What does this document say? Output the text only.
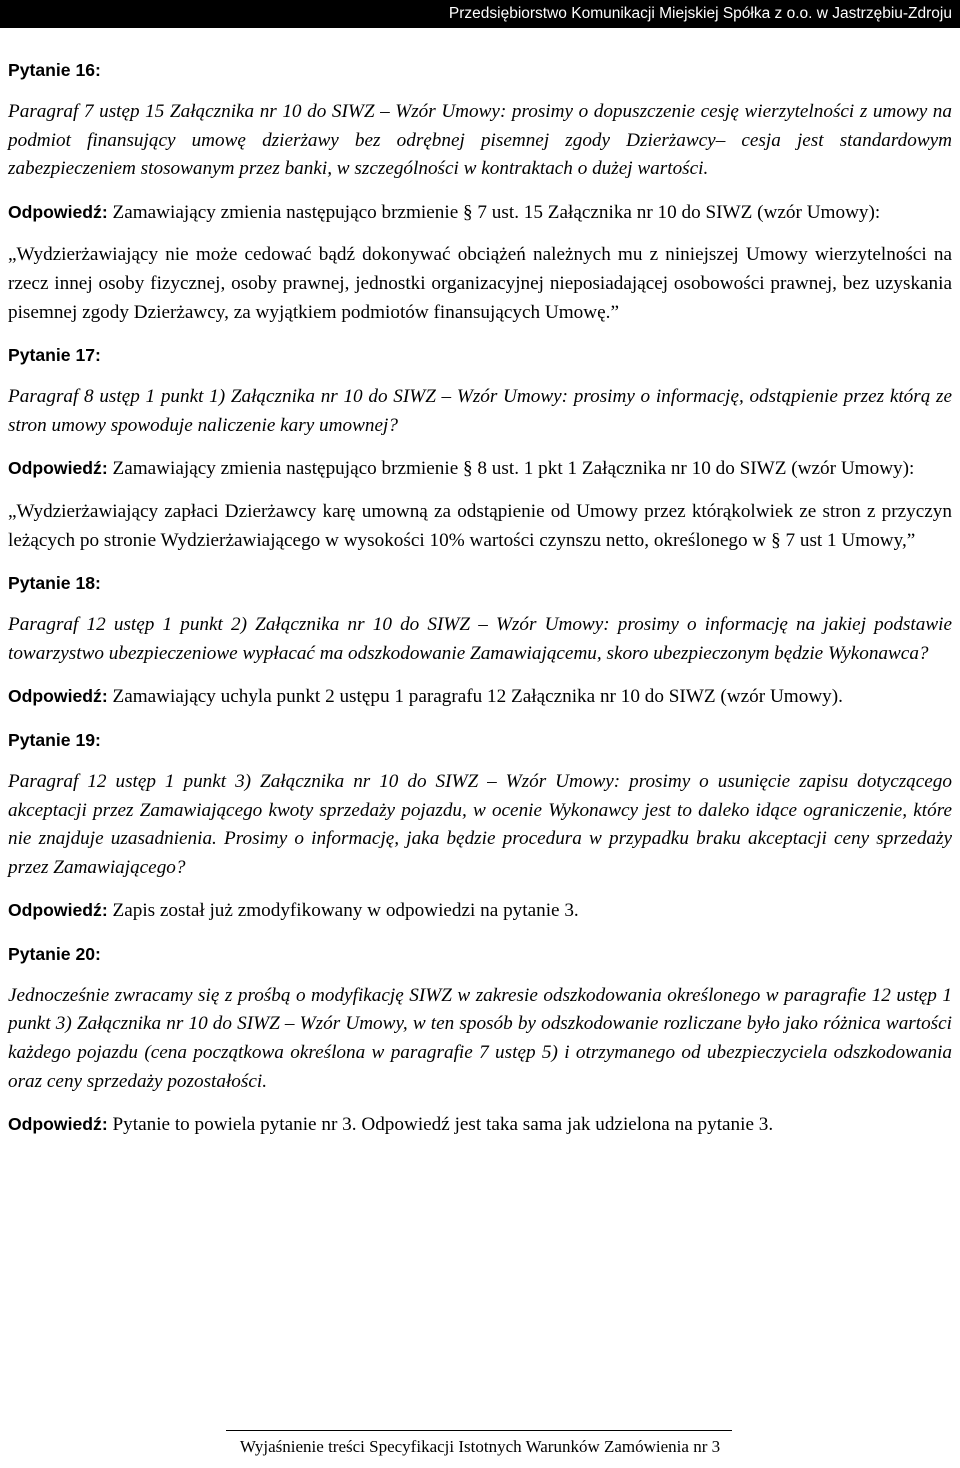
Przedsiębiorstwo Komunikacji Miejskiej Spółka z o.o. w Jastrzębiu-Zdroju
Pytanie 16:
Paragraf 7 ustęp 15 Załącznika nr 10 do SIWZ – Wzór Umowy: prosimy o dopuszczenie cesję wierzytelności z umowy na podmiot finansujący umowę dzierżawy bez odrębnej pisemnej zgody Dzierżawcy– cesja jest standardowym zabezpieczeniem stosowanym przez banki, w szczególności w kontraktach o dużej wartości.
Odpowiedź: Zamawiający zmienia następująco brzmienie § 7 ust. 15 Załącznika nr 10 do SIWZ (wzór Umowy):
„Wydzierżawiający nie może cedować bądź dokonywać obciążeń należnych mu z niniejszej Umowy wierzytelności na rzecz innej osoby fizycznej, osoby prawnej, jednostki organizacyjnej nieposiadającej osobowości prawnej, bez uzyskania pisemnej zgody Dzierżawcy, za wyjątkiem podmiotów finansujących Umowę.”
Pytanie 17:
Paragraf 8 ustęp 1 punkt 1) Załącznika nr 10 do SIWZ – Wzór Umowy: prosimy o informację, odstąpienie przez którą ze stron umowy spowoduje naliczenie kary umownej?
Odpowiedź: Zamawiający zmienia następująco brzmienie § 8 ust. 1 pkt 1 Załącznika nr 10 do SIWZ (wzór Umowy):
„Wydzierżawiający zapłaci Dzierżawcy karę umowną za odstąpienie od Umowy przez którąkolwiek ze stron z przyczyn leżących po stronie Wydzierżawiającego w wysokości 10% wartości czynszu netto, określonego w § 7 ust 1 Umowy,”
Pytanie 18:
Paragraf 12 ustęp 1 punkt 2) Załącznika nr 10 do SIWZ – Wzór Umowy: prosimy o informację na jakiej podstawie towarzystwo ubezpieczeniowe wypłacać ma odszkodowanie Zamawiającemu, skoro ubezpieczonym będzie Wykonawca?
Odpowiedź: Zamawiający uchyla punkt 2 ustępu 1 paragrafu 12 Załącznika nr 10 do SIWZ (wzór Umowy).
Pytanie 19:
Paragraf 12 ustęp 1 punkt 3) Załącznika nr 10 do SIWZ – Wzór Umowy: prosimy o usunięcie zapisu dotyczącego akceptacji przez Zamawiającego kwoty sprzedaży pojazdu, w ocenie Wykonawcy jest to daleko idące ograniczenie, które nie znajduje uzasadnienia. Prosimy o informację, jaka będzie procedura w przypadku braku akceptacji ceny sprzedaży przez Zamawiającego?
Odpowiedź: Zapis został już zmodyfikowany w odpowiedzi na pytanie 3.
Pytanie 20:
Jednocześnie zwracamy się z prośbą o modyfikację SIWZ w zakresie odszkodowania określonego w paragrafie 12 ustęp 1 punkt 3) Załącznika nr 10 do SIWZ – Wzór Umowy, w ten sposób by odszkodowanie rozliczane było jako różnica wartości każdego pojazdu (cena początkowa określona w paragrafie 7 ustęp 5) i otrzymanego od ubezpieczyciela odszkodowania oraz ceny sprzedaży pozostałości.
Odpowiedź: Pytanie to powiela pytanie nr 3. Odpowiedź jest taka sama jak udzielona na pytanie 3.
Wyjaśnienie treści Specyfikacji Istotnych Warunków Zamówienia nr 3
